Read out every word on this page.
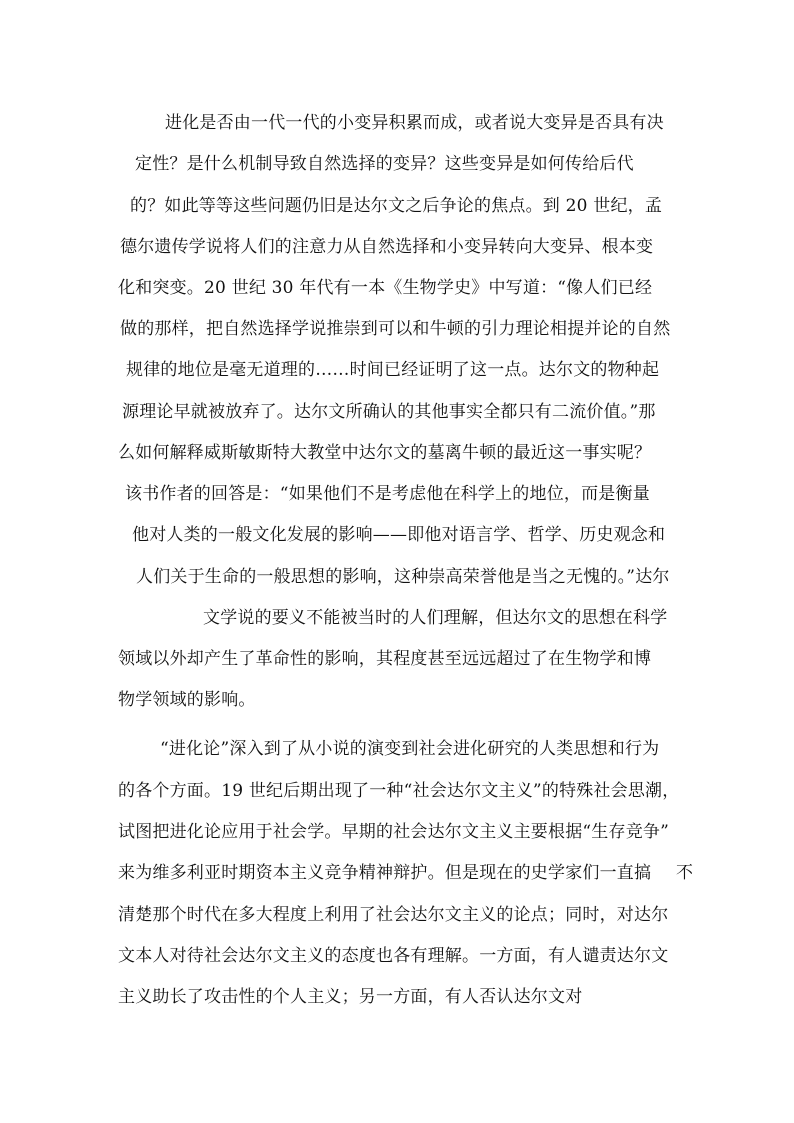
进化是否由一代一代的小变异积累而成，或者说大变异是否具有决
定性？是什么机制导致自然选择的变异？这些变异是如何传给后代
的？如此等等这些问题仍旧是达尔文之后争论的焦点。到 20 世纪，孟
德尔遗传学说将人们的注意力从自然选择和小变异转向大变异、根本变
化和突变。20 世纪 30 年代有一本《生物学史》中写道：“像人们已经
做的那样，把自然选择学说推崇到可以和牛顿的引力理论相提并论的自然
规律的地位是毫无道理的……时间已经证明了这一点。达尔文的物种起
源理论早就被放弃了。达尔文所确认的其他事实全都只有二流价值。”那
么如何解释威斯敏斯特大教堂中达尔文的墓离牛顿的最近这一事实呢？
该书作者的回答是：“如果他们不是考虑他在科学上的地位，而是衡量
他对人类的一般文化发展的影响——即他对语言学、哲学、历史观念和
人们关于生命的一般思想的影响，这种崇高荣誉他是当之无愧的。”达尔
文学说的要义不能被当时的人们理解，但达尔文的思想在科学
领域以外却产生了革命性的影响，其程度甚至远远超过了在生物学和博
物学领域的影响。
“进化论”深入到了从小说的演变到社会进化研究的人类思想和行为
的各个方面。19 世纪后期出现了一种“社会达尔文主义”的特殊社会思潮，
试图把进化论应用于社会学。早期的社会达尔文主义主要根据“生存竞争”
来为维多利亚时期资本主义竞争精神辩护。但是现在的史学家们一直搞 不
清楚那个时代在多大程度上利用了社会达尔文主义的论点；同时，对达尔
文本人对待社会达尔文主义的态度也各有理解。一方面，有人谴责达尔文
主义助长了攻击性的个人主义；另一方面，有人否认达尔文对
